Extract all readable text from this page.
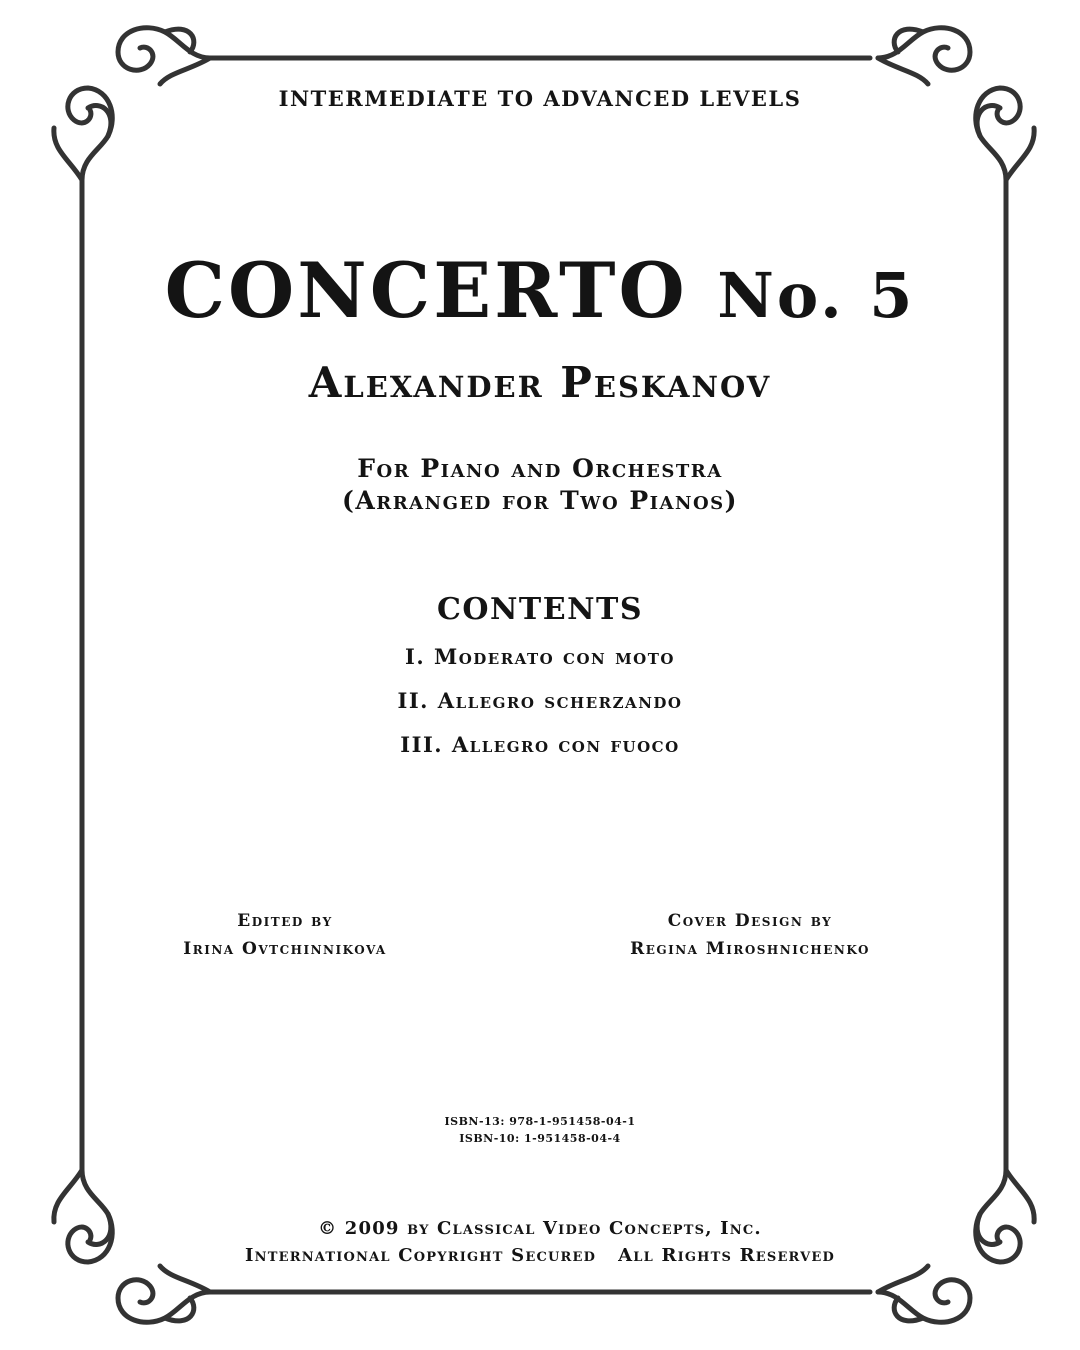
INTERMEDIATE TO ADVANCED LEVELS
CONCERTO No. 5
Alexander Peskanov
For Piano and Orchestra
(Arranged for Two Pianos)
CONTENTS
I. Moderato con moto
II. Allegro scherzando
III. Allegro con fuoco
Edited by
Irina Ovtchinnikova
Cover Design by
Regina Miroshnichenko
ISBN-13: 978-1-951458-04-1
ISBN-10: 1-951458-04-4
© 2009 by Classical Video Concepts, Inc.
International Copyright Secured All Rights Reserved
